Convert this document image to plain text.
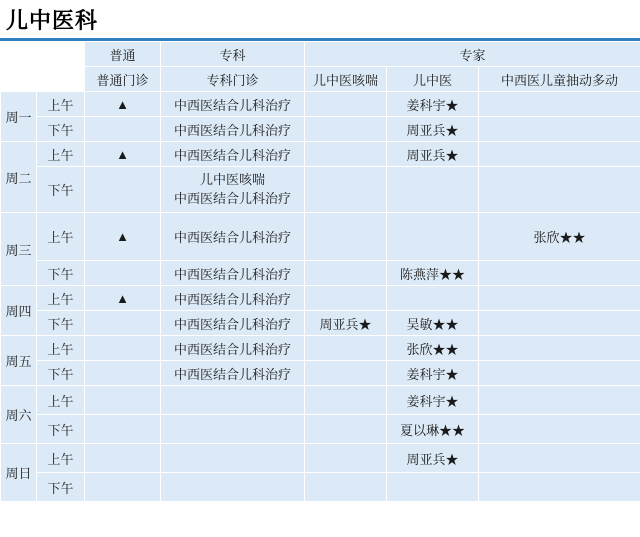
儿中医科
		普通	专科	专家		
		普通门诊	专科门诊	儿中医咳喘	儿中医	中西医儿童抽动多动
周一	上午	▲	中西医结合儿科治疗		姜科宇★	
	下午		中西医结合儿科治疗		周亚兵★	
周二	上午	▲	中西医结合儿科治疗		周亚兵★	
	下午		儿中医咳喘
中西医结合儿科治疗			
周三	上午	▲	中西医结合儿科治疗			张欣★★
	下午		中西医结合儿科治疗		陈燕萍★★	
周四	上午	▲	中西医结合儿科治疗			
	下午		中西医结合儿科治疗	周亚兵★	吴敏★★	
周五	上午		中西医结合儿科治疗		张欣★★	
	下午		中西医结合儿科治疗		姜科宇★	
周六	上午				姜科宇★	
	下午				夏以琳★★	
周日	上午				周亚兵★	
	下午					
